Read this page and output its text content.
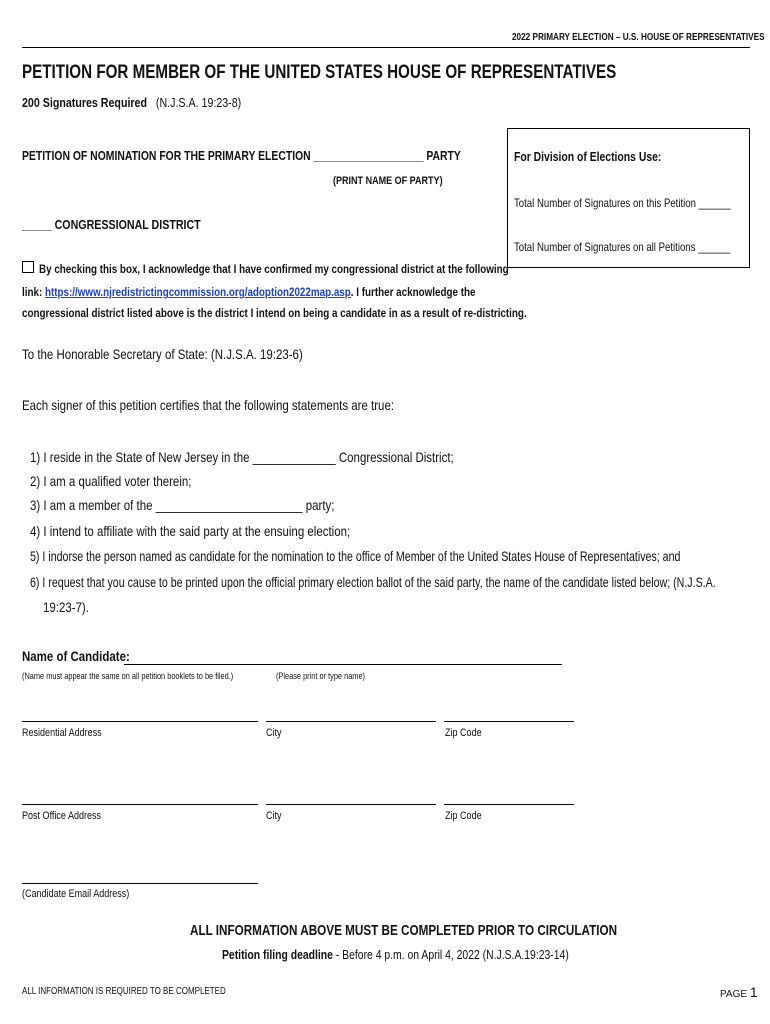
2022 PRIMARY ELECTION – U.S. HOUSE OF REPRESENTATIVES
PETITION FOR MEMBER OF THE UNITED STATES HOUSE OF REPRESENTATIVES
200 Signatures Required (N.J.S.A. 19:23-8)
PETITION OF NOMINATION FOR THE PRIMARY ELECTION ___________________ PARTY
(PRINT NAME OF PARTY)
_____ CONGRESSIONAL DISTRICT
For Division of Elections Use:
Total Number of Signatures on this Petition ______
Total Number of Signatures on all Petitions ______
By checking this box, I acknowledge that I have confirmed my congressional district at the following
link: https://www.njredistrictingcommission.org/adoption2022map.asp. I further acknowledge the
congressional district listed above is the district I intend on being a candidate in as a result of re-districting.
To the Honorable Secretary of State: (N.J.S.A. 19:23-6)
Each signer of this petition certifies that the following statements are true:
1) I reside in the State of New Jersey in the _____________ Congressional District;
2) I am a qualified voter therein;
3) I am a member of the _______________________ party;
4) I intend to affiliate with the said party at the ensuing election;
5) I indorse the person named as candidate for the nomination to the office of Member of the United States House of Representatives; and
6) I request that you cause to be printed upon the official primary election ballot of the said party, the name of the candidate listed below; (N.J.S.A.
19:23-7).
Name of Candidate:
(Name must appear the same on all petition booklets to be filed.)	(Please print or type name)
Residential Address	City	Zip Code
Post Office Address	City	Zip Code
(Candidate Email Address)
ALL INFORMATION ABOVE MUST BE COMPLETED PRIOR TO CIRCULATION
Petition filing deadline - Before 4 p.m. on April 4, 2022 (N.J.S.A.19:23-14)
ALL INFORMATION IS REQUIRED TO BE COMPLETED	PAGE 1
